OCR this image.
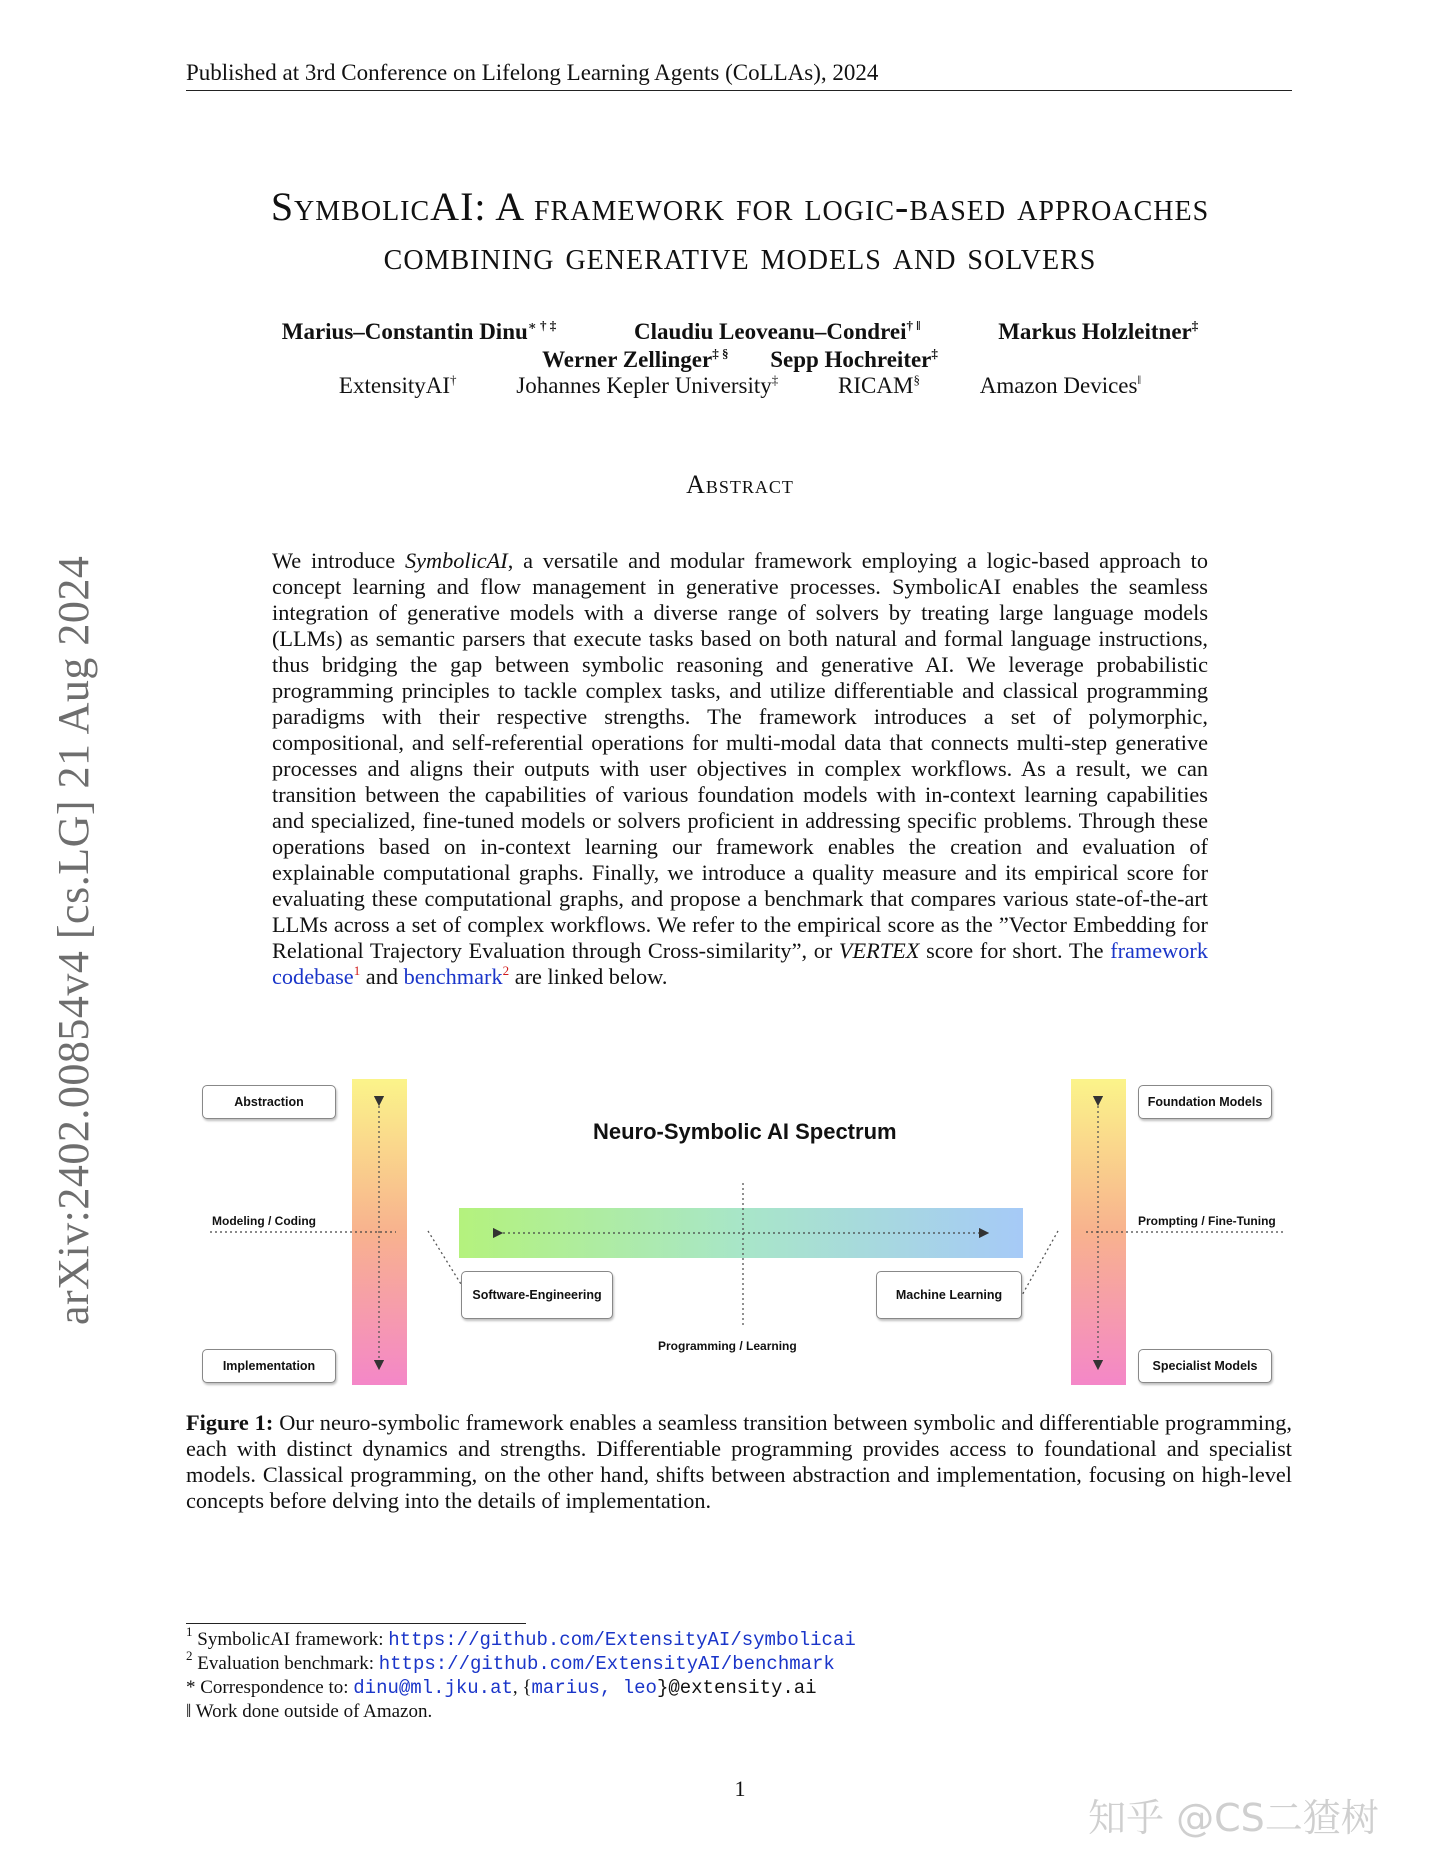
Published at 3rd Conference on Lifelong Learning Agents (CoLLAs), 2024
SymbolicAI: A framework for logic-based approaches
combining generative models and solvers
Marius–Constantin Dinu∗ † ‡	Claudiu Leoveanu–Condrei† ‖	Markus Holzleitner‡
Werner Zellinger‡ § Sepp Hochreiter‡
ExtensityAI†	Johannes Kepler University‡	RICAM§	Amazon Devices‖
arXiv:2402.00854v4 [cs.LG] 21 Aug 2024
Abstract
We introduce SymbolicAI, a versatile and modular framework employing a logic-based approach to concept learning and flow management in generative processes. SymbolicAI enables the seamless integration of generative models with a diverse range of solvers by treating large language models (LLMs) as semantic parsers that execute tasks based on both natural and formal language instructions, thus bridging the gap between symbolic reasoning and generative AI. We leverage probabilistic programming principles to tackle complex tasks, and utilize differentiable and classical programming paradigms with their respective strengths. The framework introduces a set of polymorphic, compositional, and self-referential operations for multi-modal data that connects multi-step generative processes and aligns their outputs with user objectives in complex workflows. As a result, we can transition between the capabilities of various foundation models with in-context learning capabilities and specialized, fine-tuned models or solvers proficient in addressing specific problems. Through these operations based on in-context learning our framework enables the creation and evaluation of explainable computational graphs. Finally, we introduce a quality measure and its empirical score for evaluating these computational graphs, and propose a benchmark that compares various state-of-the-art LLMs across a set of complex workflows. We refer to the empirical score as the ”Vector Embedding for Relational Trajectory Evaluation through Cross-similarity”, or VERTEX score for short. The framework codebase$^1$ and benchmark$^2$ are linked below.
Neuro-Symbolic AI Spectrum
Abstraction
Implementation
Foundation Models
Specialist Models
Software-Engineering	Machine Learning
Modeling / Coding	Prompting / Fine-Tuning
Programming / Learning
Figure 1: Our neuro-symbolic framework enables a seamless transition between symbolic and differentiable programming, each with distinct dynamics and strengths. Differentiable programming provides access to foundational and specialist models. Classical programming, on the other hand, shifts between abstraction and implementation, focusing on high-level concepts before delving into the details of implementation.
$^1$ SymbolicAI framework: https://github.com/ExtensityAI/symbolicai
$^2$ Evaluation benchmark: https://github.com/ExtensityAI/benchmark
* Correspondence to: dinu@ml.jku.at, {marius, leo}@extensity.ai
‖ Work done outside of Amazon.
1
知乎 @CS二猹树
